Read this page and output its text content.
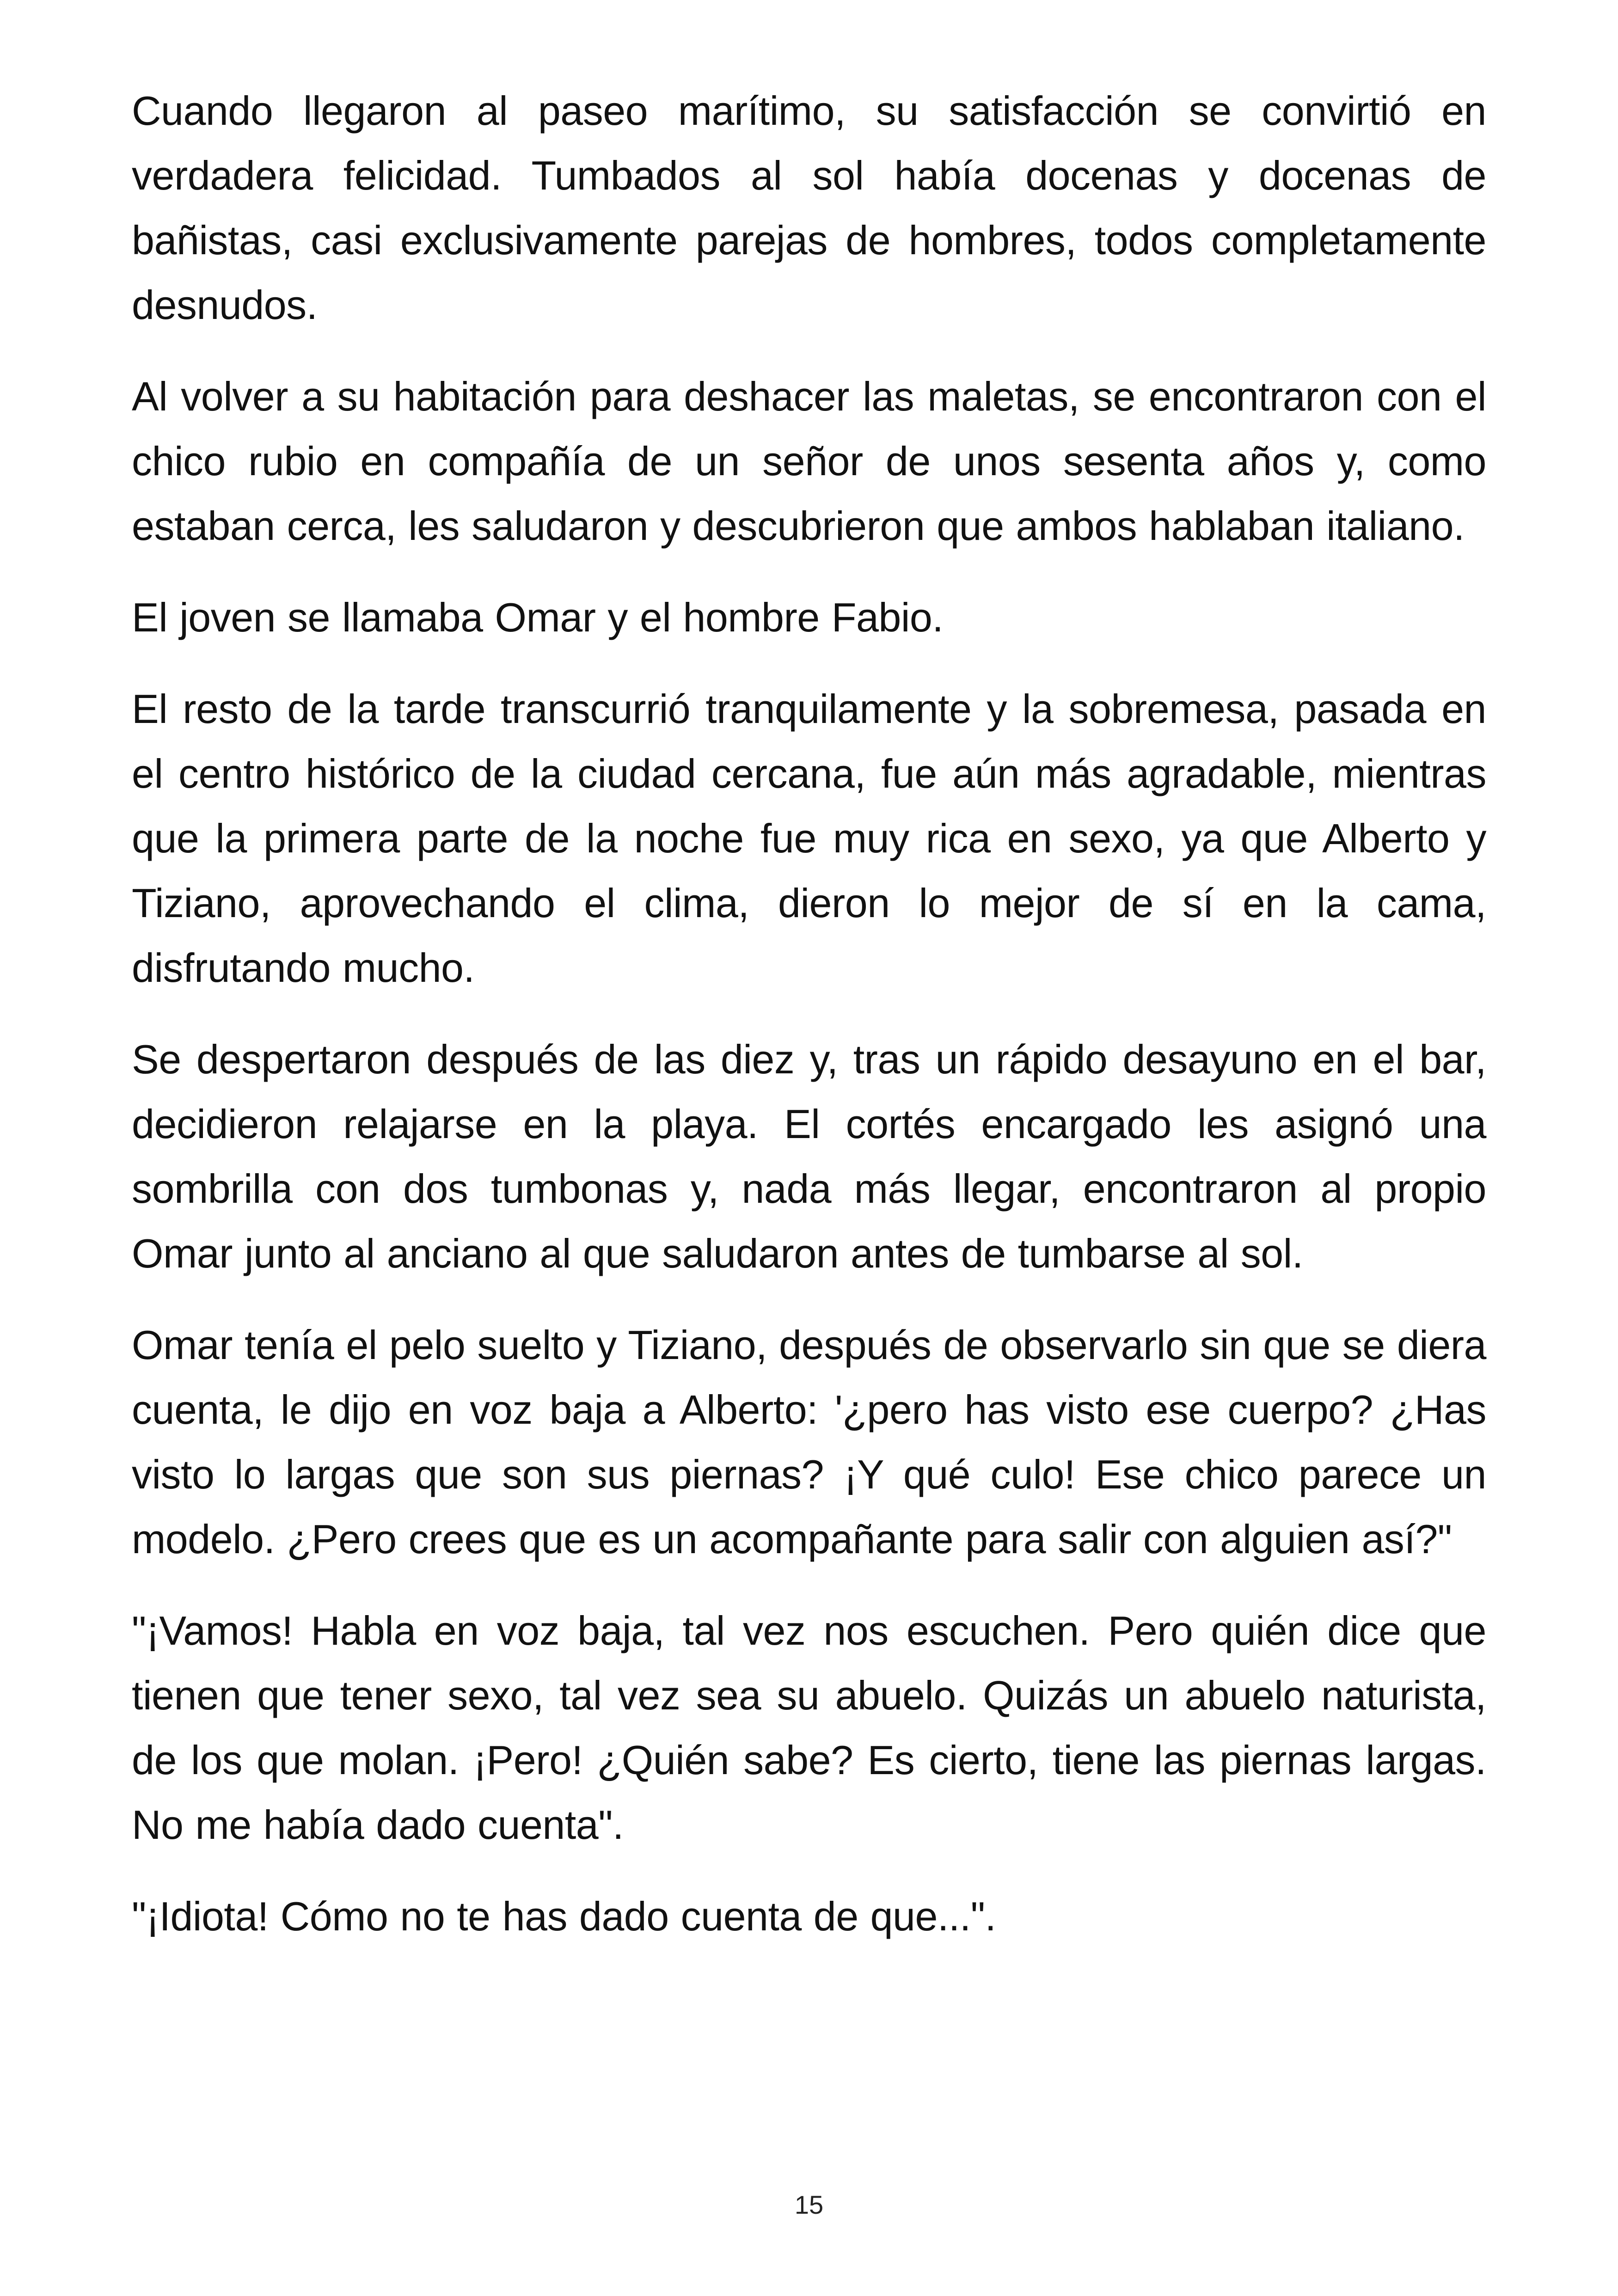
Cuando llegaron al paseo marítimo, su satisfacción se convirtió en verdadera felicidad. Tumbados al sol había docenas y docenas de bañistas, casi exclusivamente parejas de hombres, todos completamente desnudos.

Al volver a su habitación para deshacer las maletas, se encontraron con el chico rubio en compañía de un señor de unos sesenta años y, como estaban cerca, les saludaron y descubrieron que ambos hablaban italiano.

El joven se llamaba Omar y el hombre Fabio.

El resto de la tarde transcurrió tranquilamente y la sobremesa, pasada en el centro histórico de la ciudad cercana, fue aún más agradable, mientras que la primera parte de la noche fue muy rica en sexo, ya que Alberto y Tiziano, aprovechando el clima, dieron lo mejor de sí en la cama, disfrutando mucho.

Se despertaron después de las diez y, tras un rápido desayuno en el bar, decidieron relajarse en la playa. El cortés encargado les asignó una sombrilla con dos tumbonas y, nada más llegar, encontraron al propio Omar junto al anciano al que saludaron antes de tumbarse al sol.

Omar tenía el pelo suelto y Tiziano, después de observarlo sin que se diera cuenta, le dijo en voz baja a Alberto: '¿pero has visto ese cuerpo? ¿Has visto lo largas que son sus piernas? ¡Y qué culo! Ese chico parece un modelo. ¿Pero crees que es un acompañante para salir con alguien así?"

"¡Vamos! Habla en voz baja, tal vez nos escuchen. Pero quién dice que tienen que tener sexo, tal vez sea su abuelo. Quizás un abuelo naturista, de los que molan. ¡Pero! ¿Quién sabe? Es cierto, tiene las piernas largas. No me había dado cuenta".

"¡Idiota! Cómo no te has dado cuenta de que...".

15
